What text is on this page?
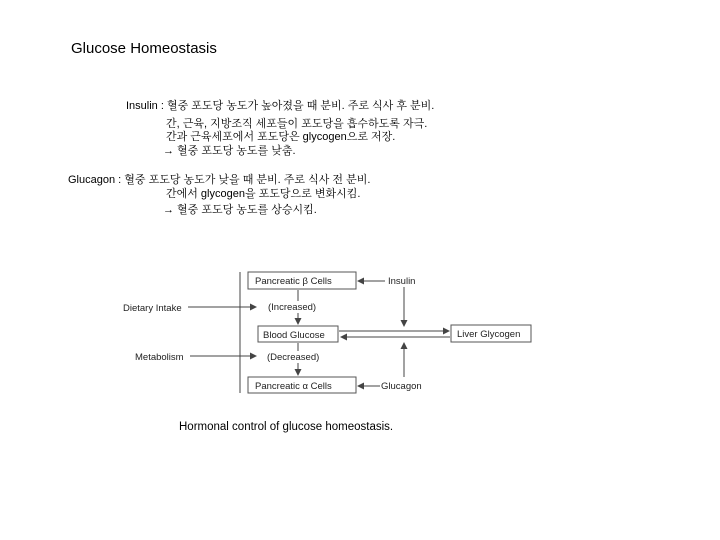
Glucose Homeostasis
Insulin : 혈중 포도당 농도가 높아졌을 때 분비. 주로 식사 후 분비.
간, 근육, 지방조직 세포들이 포도당을 흡수하도록 자극.
간과 근육세포에서 포도당은 glycogen으로 저장.
→ 혈중 포도당 농도를 낮춤.
Glucagon : 혈중 포도당 농도가 낮을 때 분비. 주로 식사 전 분비.
간에서 glycogen을 포도당으로 변화시킴.
→ 혈중 포도당 농도를 상승시킴.
Pancreatic β Cells
Blood Glucose	Liver Glycogen
Pancreatic α Cells
Insulin
Dietary Intake	(Increased)
Metabolism	(Decreased)
Glucagon
Hormonal control of glucose homeostasis.
